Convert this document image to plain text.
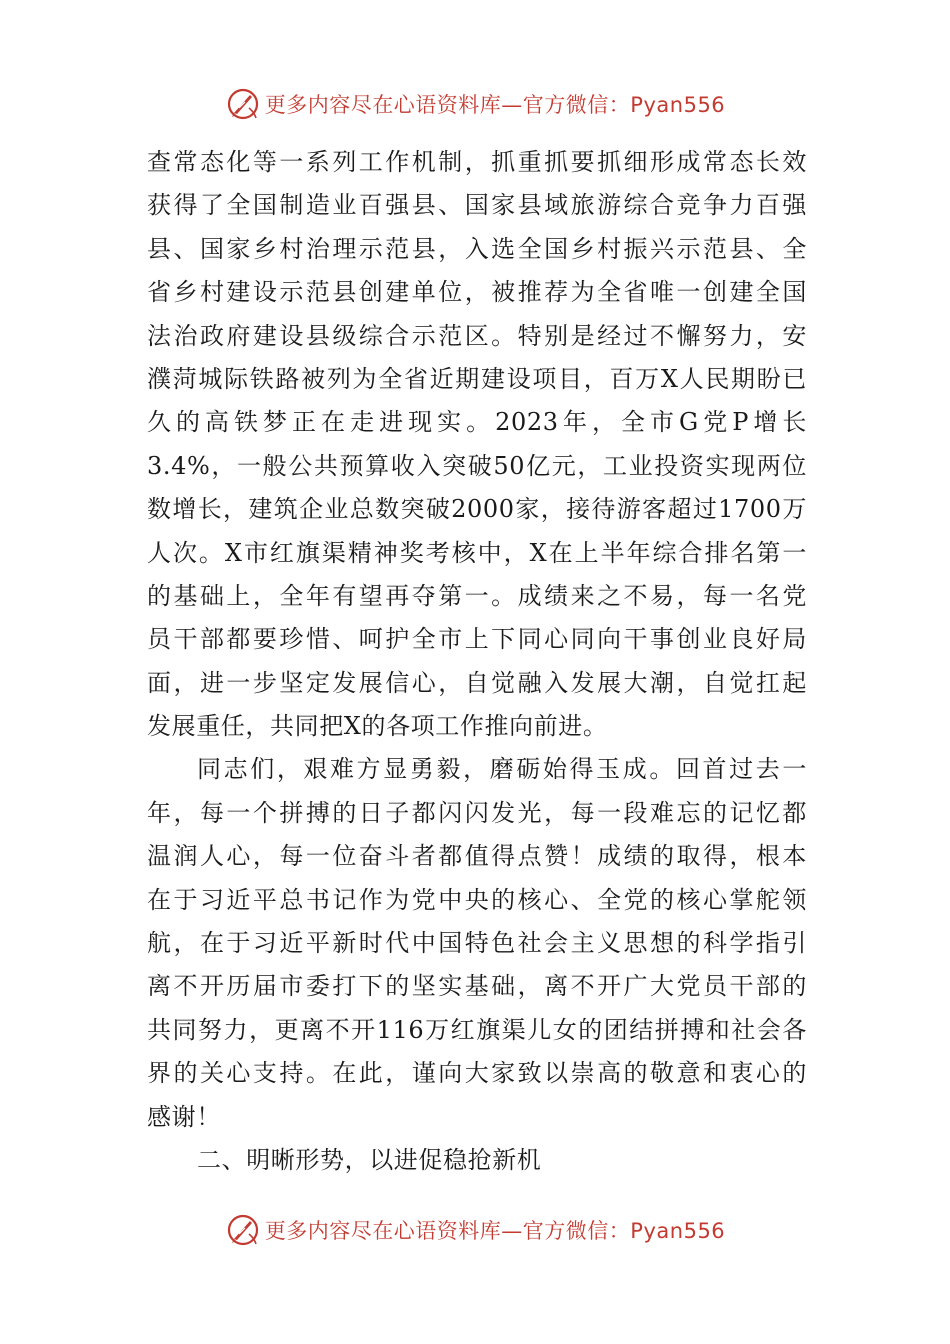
更多内容尽在心语资料库—官方微信：Pyan556
查常态化等一系列工作机制，抓重抓要抓细形成常态长效
获得了全国制造业百强县、国家县域旅游综合竞争力百强
县、国家乡村治理示范县，入选全国乡村振兴示范县、全
省乡村建设示范县创建单位，被推荐为全省唯一创建全国
法治政府建设县级综合示范区。特别是经过不懈努力，安
濮菏城际铁路被列为全省近期建设项目，百万X人民期盼已
久的高铁梦正在走进现实。2023年，全市G党P增长
3.4%，一般公共预算收入突破50亿元，工业投资实现两位
数增长，建筑企业总数突破2000家，接待游客超过1700万
人次。X市红旗渠精神奖考核中，X在上半年综合排名第一
的基础上，全年有望再夺第一。成绩来之不易，每一名党
员干部都要珍惜、呵护全市上下同心同向干事创业良好局
面，进一步坚定发展信心，自觉融入发展大潮，自觉扛起
发展重任，共同把X的各项工作推向前进。
同志们，艰难方显勇毅，磨砺始得玉成。回首过去一
年，每一个拼搏的日子都闪闪发光，每一段难忘的记忆都
温润人心，每一位奋斗者都值得点赞！成绩的取得，根本
在于习近平总书记作为党中央的核心、全党的核心掌舵领
航，在于习近平新时代中国特色社会主义思想的科学指引
离不开历届市委打下的坚实基础，离不开广大党员干部的
共同努力，更离不开116万红旗渠儿女的团结拼搏和社会各
界的关心支持。在此，谨向大家致以崇高的敬意和衷心的
感谢！
二、明晰形势，以进促稳抢新机
更多内容尽在心语资料库—官方微信：Pyan556
